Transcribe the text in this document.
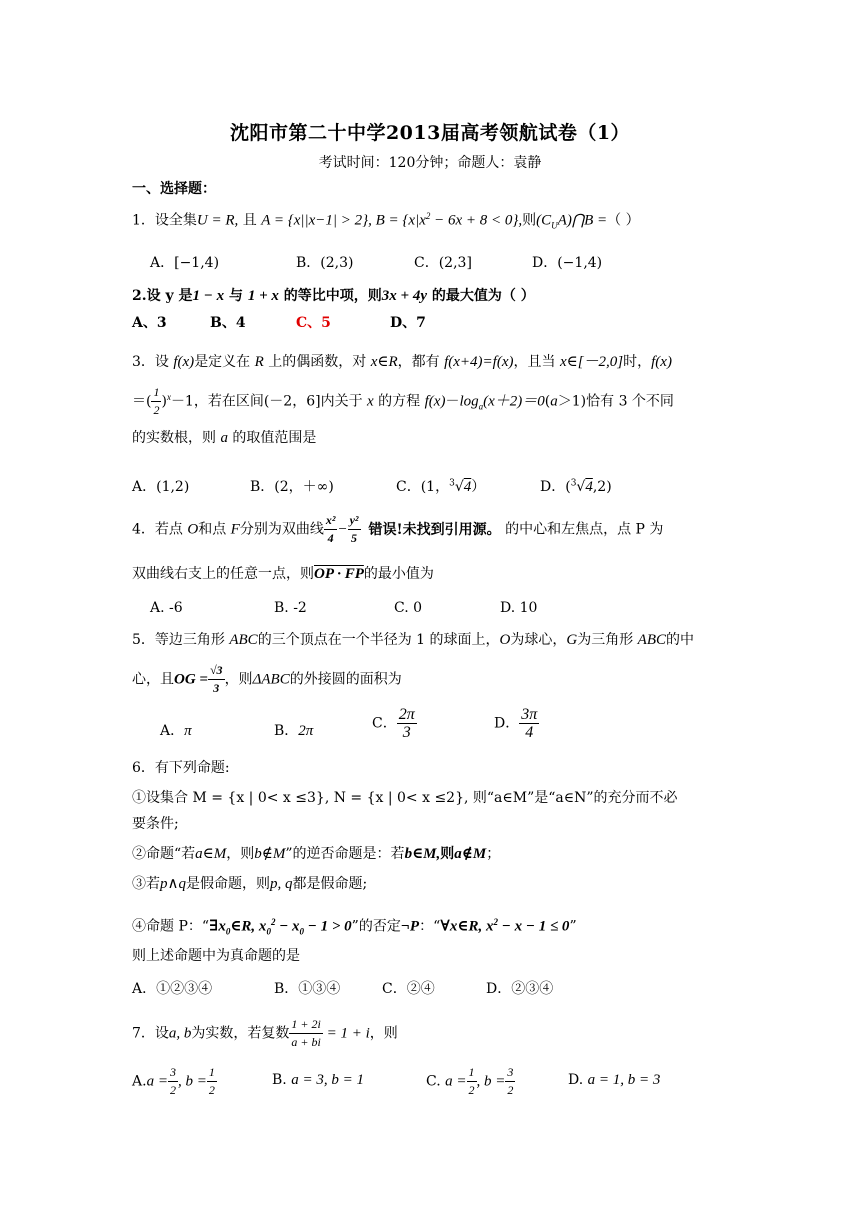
沈阳市第二十中学2013届高考领航试卷（1）
考试时间：120分钟；命题人：袁静
一、选择题：
1．设全集U = R, 且 A = {x||x−1| > 2}, $B = \{x|x^2 - 6x + 8 < 0\}$,则$(C_UA)⋂B$ =（ ）
A．[−1,4)	B．(2,3)	C．(2,3]	D．(−1,4)
2.设 y 是1 − x 与 1 + x 的等比中项，则3x + 4y 的最大值为（ ）
A、3	B、4	C、5	D、7
3．设 f(x)是定义在 R 上的偶函数，对 x∈R，都有 f(x+4)=f(x)，且当 x∈[－2,0]时，f(x)
＝( $\frac{1}{2} )^x-1$，若在区间(－2，6]内关于 x 的方程 $f(x)-\log_a(x+2)=0(a>1)$恰有 3 个不同
的实数根，则 a 的取值范围是
A．(1,2)	B．(2，＋∞)	C．(1，$^3$√4）	D．($^3$√4,2)
4．若点 O和点 F分别为双曲线 $\frac{\text{x²}}{4} - \frac{\text{y²}}{5}$ 错误!未找到引用源。 的中心和左焦点，点 P 为
双曲线右支上的任意一点，则OP · FP的最小值为
A. -6	B. -2	C. 0	D. 10
5．等边三角形 ABC的三个顶点在一个半径为 1 的球面上，O为球心，G为三角形 ABC的中
心，且OG = $\frac{√3}{3}$ ，则ΔABC的外接圆的面积为
A．π	B．2π	C． $\frac{2\pi}{3}$	D． $\frac{3\pi}{4}$
6．有下列命题:
①设集合 M = {x | 0< x ≤3}, N = {x | 0< x ≤2}, 则“a∈M”是“a∈N”的充分而不必
要条件;
②命题“若a∈M，则b∉M”的逆否命题是：若b∈M,则a∉M；
③若p∧q是假命题，则p, q都是假命题;
④命题 P：“$\exists x_0\in R$, $x_0^2 - x_0 - 1 > 0$”的否定¬P：“∀x∈R, $x^2 - x - 1 \le 0$”
则上述命题中为真命题的是
A．①②③④	B．①③④	C．②④	D．②③④
7．设a, b为实数，若复数 $\frac{1 + 2i}{a + bi} = 1 + i$，则
$A.a = \frac{3}{2}$ , $b = \frac{1}{2}$	B. a = 3, b = 1	C. $a = \frac{1}{2}$ , $b = \frac{3}{2}$	D. a = 1, b = 3
